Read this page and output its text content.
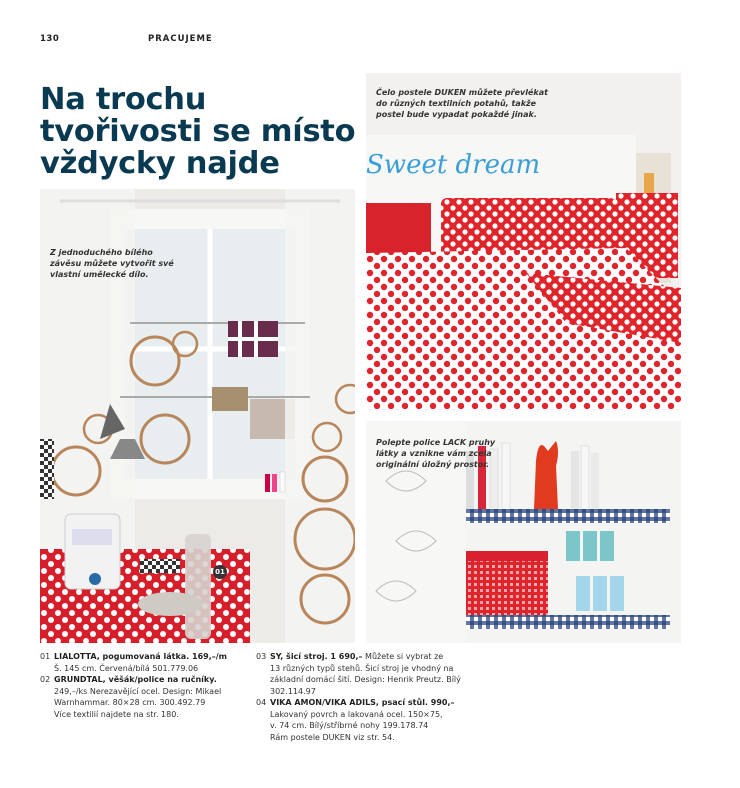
130	PRACUJEME
Na trochu
tvořivosti se místo
vždycky najde
Z jednoduchého bílého
závěsu můžete vytvořit své
vlastní umělecké dílo.
01
Sweet dream
Čelo postele DUKEN můžete převlékat
do různých textilních potahů, takže
postel bude vypadat pokaždé jinak.
Polepte police LACK pruhy
látky a vznikne vám zcela
originální úložný prostor.
01 LIALOTTA, pogumovaná látka. 169,–/m
Š. 145 cm. Červená/bílá 501.779.06
02 GRUNDTAL, věšák/police na ručníky.
249,–/ks Nerezavějící ocel. Design: Mikael
Warnhammar. 80×28 cm. 300.492.79
Více textilií najdete na str. 180.
03 SY, šicí stroj. 1 690,– Můžete si vybrat ze
13 různých typů stehů. Šicí stroj je vhodný na
základní domácí šití. Design: Henrik Preutz. Bílý
302.114.97
04 VIKA AMON/VIKA ADILS, psací stůl. 990,–
Lakovaný povrch a lakovaná ocel. 150×75,
v. 74 cm. Bílý/stříbrné nohy 199.178.74
Rám postele DUKEN viz str. 54.
